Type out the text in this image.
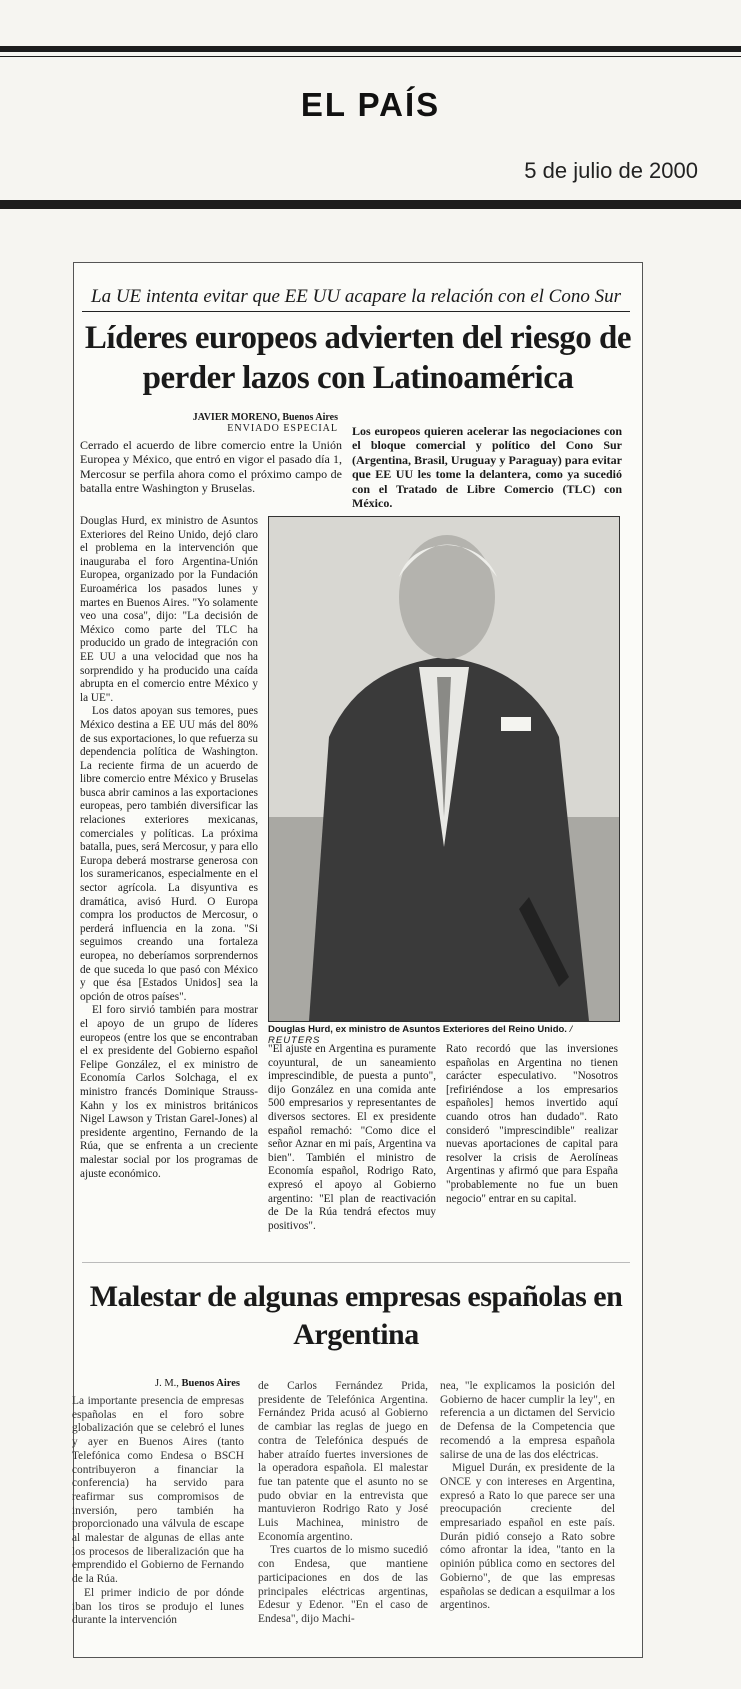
EL PAÍS
5 de julio de 2000
La UE intenta evitar que EE UU acapare la relación con el Cono Sur
Líderes europeos advierten del riesgo de perder lazos con Latinoamérica
JAVIER MORENO, Buenos Aires
ENVIADO ESPECIAL

Cerrado el acuerdo de libre comercio entre la Unión Europea y México, que entró en vigor el pasado día 1, Mercosur se perfila ahora como el próximo campo de batalla entre Washington y Bruselas.

Los europeos quieren acelerar las negociaciones con el bloque comercial y político del Cono Sur (Argentina, Brasil, Uruguay y Paraguay) para evitar que EE UU les tome la delantera, como ya sucedió con el Tratado de Libre Comercio (TLC) con México.

Douglas Hurd, ex ministro de Asuntos Exteriores del Reino Unido, dejó claro el problema en la intervención que inauguraba el foro Argentina-Unión Europea, organizado por la Fundación Euroamérica los pasados lunes y martes en Buenos Aires. "Yo solamente veo una cosa", dijo: "La decisión de México como parte del TLC ha producido un grado de integración con EE UU a una velocidad que nos ha sorprendido y ha producido una caída abrupta en el comercio entre México y la UE".

Los datos apoyan sus temores, pues México destina a EE UU más del 80% de sus exportaciones, lo que refuerza su dependencia política de Washington. La reciente firma de un acuerdo de libre comercio entre México y Bruselas busca abrir caminos a las exportaciones europeas, pero también diversificar las relaciones exteriores mexicanas, comerciales y políticas. La próxima batalla, pues, será Mercosur, y para ello Europa deberá mostrarse generosa con los suramericanos, especialmente en el sector agrícola. La disyuntiva es dramática, avisó Hurd. O Europa compra los productos de Mercosur, o perderá influencia en la zona. "Si seguimos creando una fortaleza europea, no deberíamos sorprendernos de que suceda lo que pasó con México y que ésa [Estados Unidos] sea la opción de otros países".

El foro sirvió también para mostrar el apoyo de un grupo de líderes europeos (entre los que se encontraban el ex presidente del Gobierno español Felipe González, el ex ministro de Economía Carlos Solchaga, el ex ministro francés Dominique Strauss-Kahn y los ex ministros británicos Nigel Lawson y Tristan Garel-Jones) al presidente argentino, Fernando de la Rúa, que se enfrenta a un creciente malestar social por los programas de ajuste económico.

Douglas Hurd, ex ministro de Asuntos Exteriores del Reino Unido. / REUTERS

"El ajuste en Argentina es puramente coyuntural, de un saneamiento imprescindible, de puesta a punto", dijo González en una comida ante 500 empresarios y representantes de diversos sectores. El ex presidente español remachó: "Como dice el señor Aznar en mi país, Argentina va bien". También el ministro de Economía español, Rodrigo Rato, expresó el apoyo al Gobierno argentino: "El plan de reactivación de De la Rúa tendrá efectos muy positivos".

Rato recordó que las inversiones españolas en Argentina no tienen carácter especulativo. "Nosotros [refiriéndose a los empresarios españoles] hemos invertido aquí cuando otros han dudado". Rato consideró "imprescindible" realizar nuevas aportaciones de capital para resolver la crisis de Aerolíneas Argentinas y afirmó que para España "probablemente no fue un buen negocio" entrar en su capital.

Malestar de algunas empresas españolas en Argentina
J. M., Buenos Aires

La importante presencia de empresas españolas en el foro sobre globalización que se celebró el lunes y ayer en Buenos Aires (tanto Telefónica como Endesa o BSCH contribuyeron a financiar la conferencia) ha servido para reafirmar sus compromisos de inversión, pero también ha proporcionado una válvula de escape al malestar de algunas de ellas ante los procesos de liberalización que ha emprendido el Gobierno de Fernando de la Rúa.

El primer indicio de por dónde iban los tiros se produjo el lunes durante la intervención

de Carlos Fernández Prida, presidente de Telefónica Argentina. Fernández Prida acusó al Gobierno de cambiar las reglas de juego en contra de Telefónica después de haber atraído fuertes inversiones de la operadora española. El malestar fue tan patente que el asunto no se pudo obviar en la entrevista que mantuvieron Rodrigo Rato y José Luis Machinea, ministro de Economía argentino.

Tres cuartos de lo mismo sucedió con Endesa, que mantiene participaciones en dos de las principales eléctricas argentinas, Edesur y Edenor. "En el caso de Endesa", dijo Machi-

nea, "le explicamos la posición del Gobierno de hacer cumplir la ley", en referencia a un dictamen del Servicio de Defensa de la Competencia que recomendó a la empresa española salirse de una de las dos eléctricas.

Miguel Durán, ex presidente de la ONCE y con intereses en Argentina, expresó a Rato lo que parece ser una preocupación creciente del empresariado español en este país. Durán pidió consejo a Rato sobre cómo afrontar la idea, "tanto en la opinión pública como en sectores del Gobierno", de que las empresas españolas se dedican a esquilmar a los argentinos.
